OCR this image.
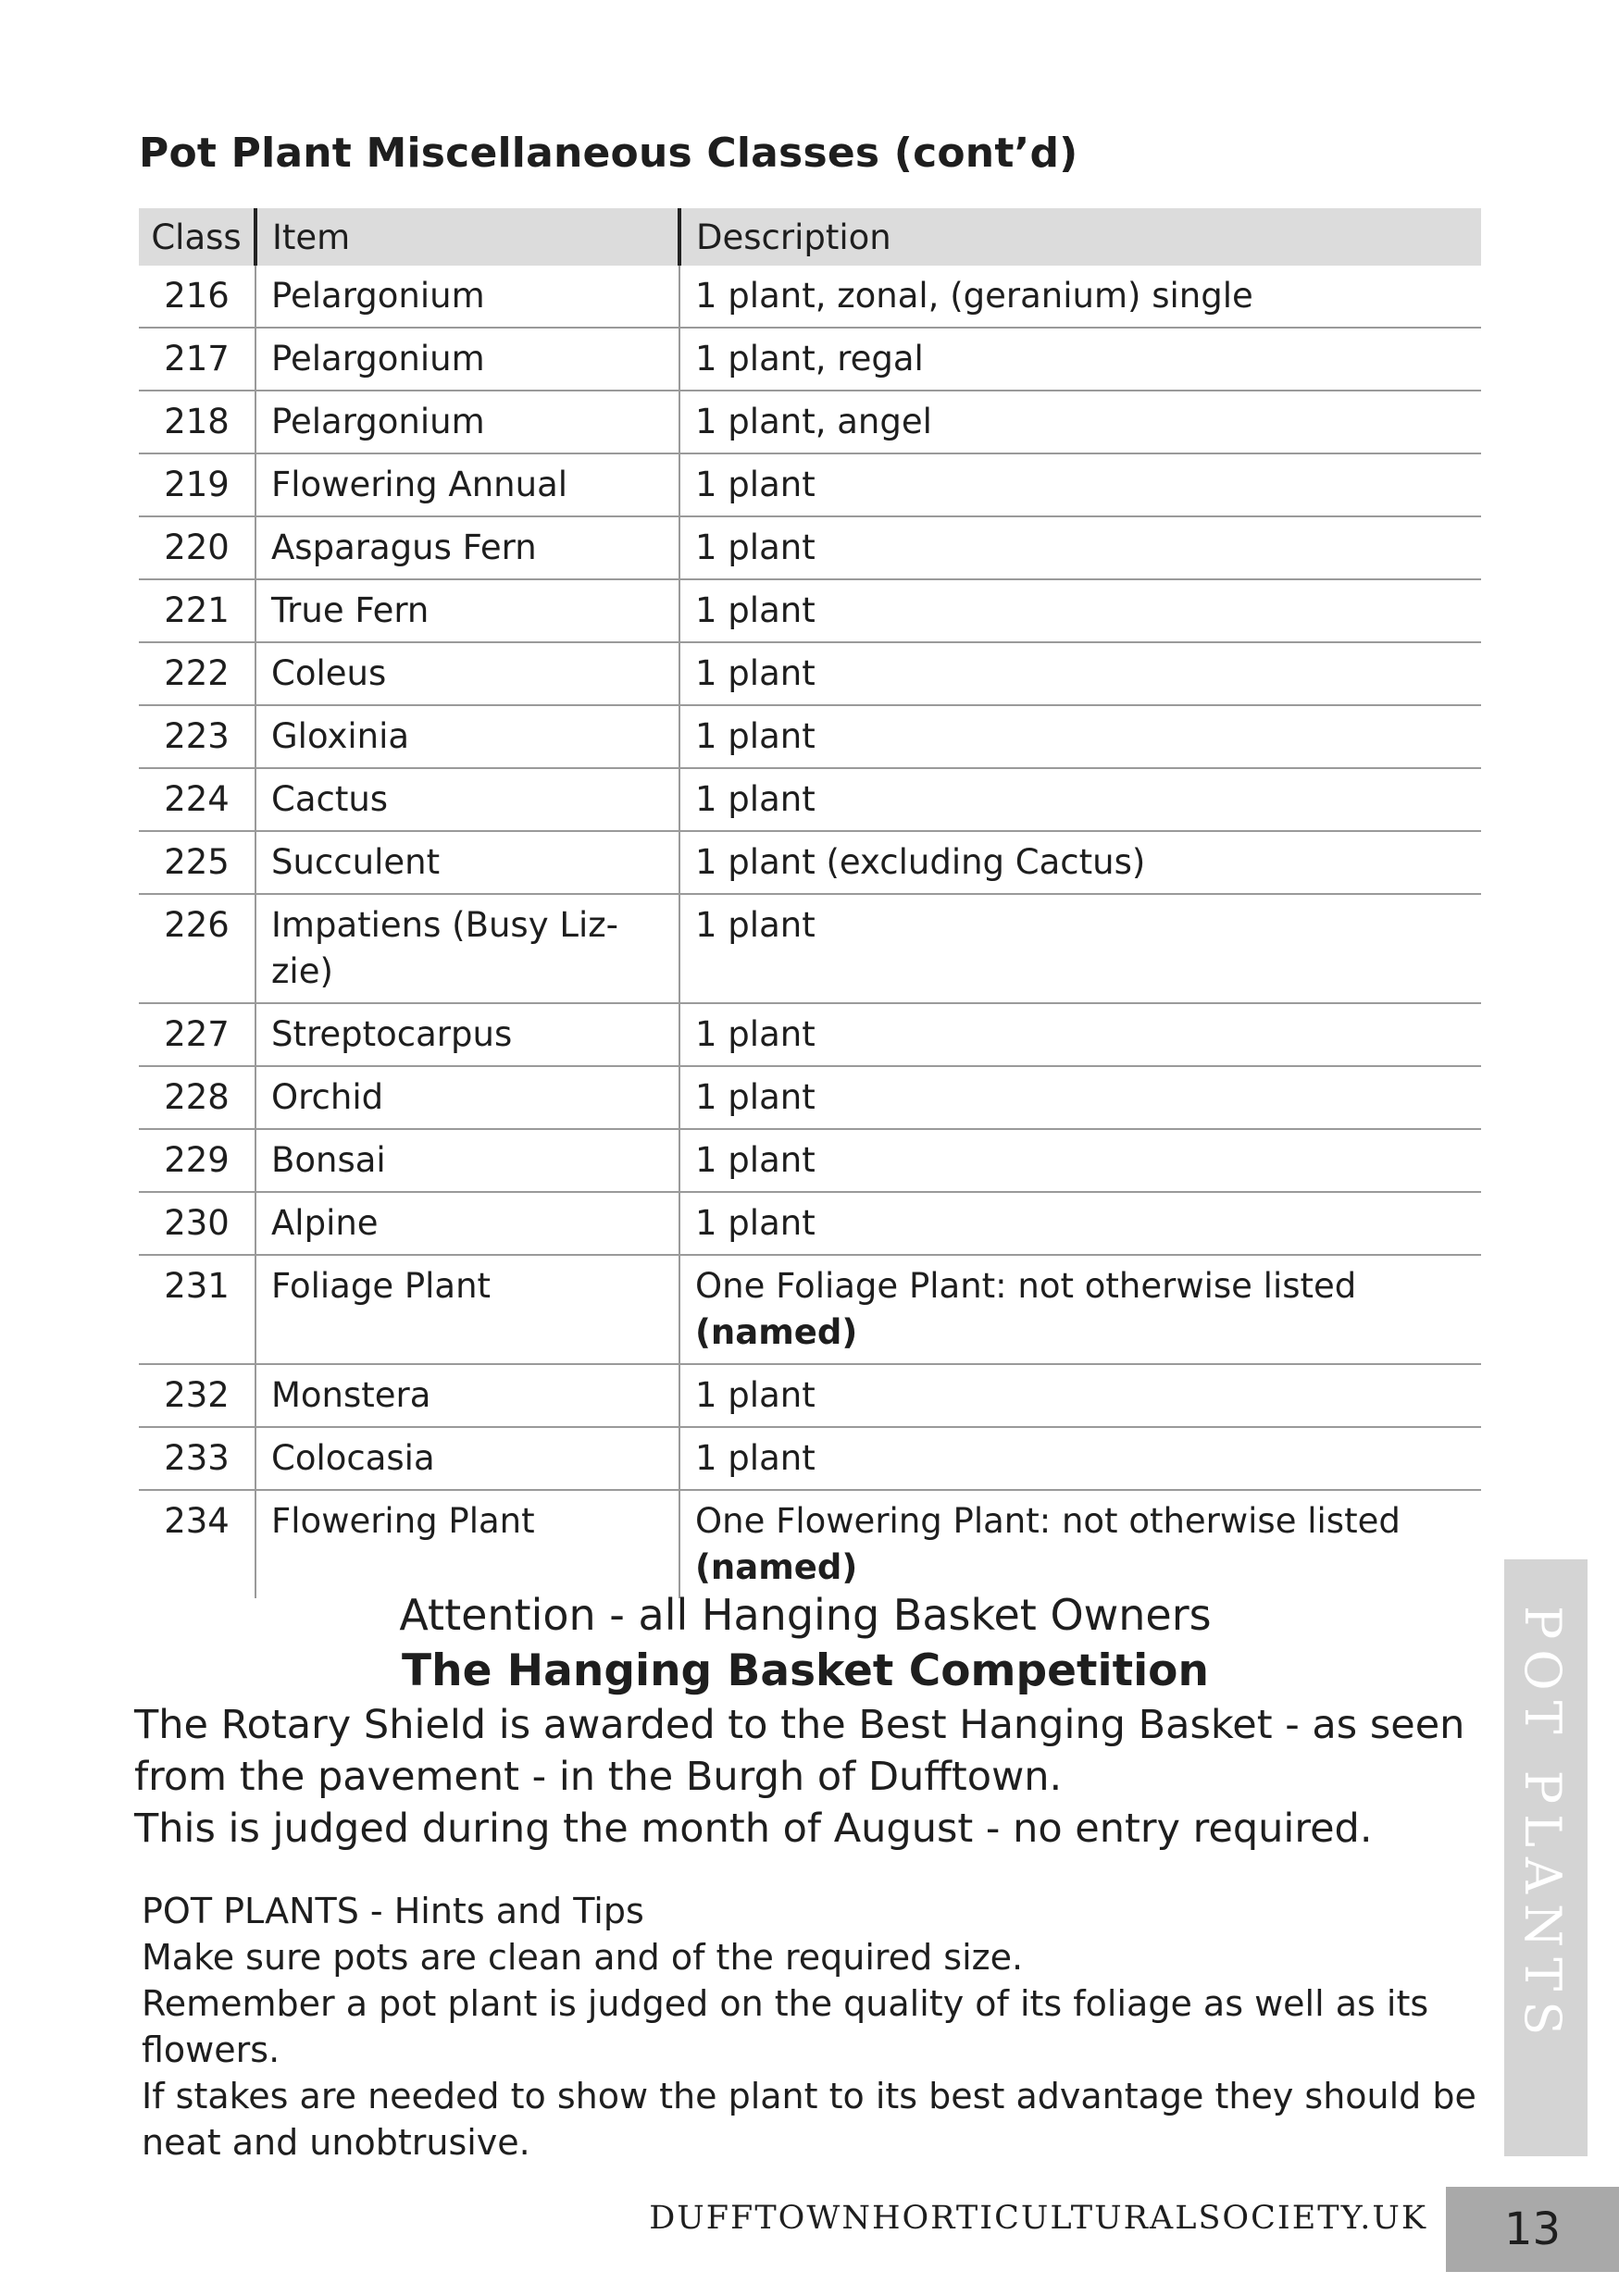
Pot Plant Miscellaneous Classes (cont’d)
Class	Item	Description
216	Pelargonium	1 plant, zonal, (geranium) single
217	Pelargonium	1 plant, regal
218	Pelargonium	1 plant, angel
219	Flowering Annual	1 plant
220	Asparagus Fern	1 plant
221	True Fern	1 plant
222	Coleus	1 plant
223	Gloxinia	1 plant
224	Cactus	1 plant
225	Succulent	1 plant (excluding Cactus)
226	Impatiens (Busy Liz-zie)	1 plant
227	Streptocarpus	1 plant
228	Orchid	1 plant
229	Bonsai	1 plant
230	Alpine	1 plant
231	Foliage Plant	One Foliage Plant: not otherwise listed
(named)
232	Monstera	1 plant
233	Colocasia	1 plant
234	Flowering Plant	One Flowering Plant: not otherwise listed
(named)
Attention - all Hanging Basket Owners
The Hanging Basket Competition
The Rotary Shield is awarded to the Best Hanging Basket - as seen
from the pavement - in the Burgh of Dufftown.
This is judged during the month of August - no entry required.
POT PLANTS - Hints and Tips
Make sure pots are clean and of the required size.
Remember a pot plant is judged on the quality of its foliage as well as its flowers.
If stakes are needed to show the plant to its best advantage they should be neat and unobtrusive.
POT PLANTS
DUFFTOWNHORTICULTURALSOCIETY.UK	13
